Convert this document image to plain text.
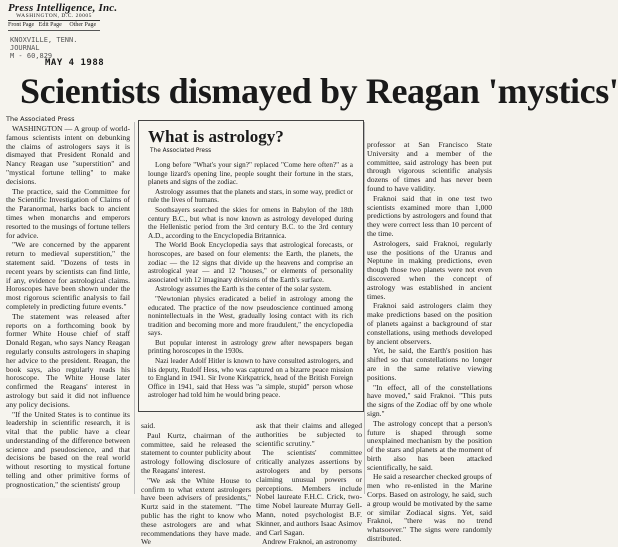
Press Intelligence, Inc.
WASHINGTON, D.C. 20005
Front Page Edit Page	Other Page
KNOXVILLE, TENN.
JOURNAL
M - 60,829
MAY 4 1988
Scientists dismayed by Reagan 'mystics'
The Associated Press

WASHINGTON — A group of world-famous scientists intent on debunking the claims of astrologers says it is dismayed that President Ronald and Nancy Reagan use "superstition" and "mystical fortune telling" to make decisions.

The practice, said the Committee for the Scientific Investigation of Claims of the Paranormal, harks back to ancient times when monarchs and emperors resorted to the musings of fortune tellers for advice.

"We are concerned by the apparent return to medieval superstition," the statement said. "Dozens of tests in recent years by scientists can find little, if any, evidence for astrological claims. Horoscopes have been shown under the most rigorous scientific analysis to fail completely in predicting future events."

The statement was released after reports on a forthcoming book by former White House chief of staff Donald Regan, who says Nancy Reagan regularly consults astrologers in shaping her advice to the president. Reagan, the book says, also regularly reads his horoscope. The White House later confirmed the Reagans' interest in astrology but said it did not influence any policy decisions.

"If the United States is to continue its leadership in scientific research, it is vital that the public have a clear understanding of the difference between science and pseudoscience, and that decisions be based on the real world without resorting to mystical fortune telling and other primitive forms of prognostication," the scientists' group

What is astrology?
The Associated Press

Long before "What's your sign?" replaced "Come here often?" as a lounge lizard's opening line, people sought their fortune in the stars, planets and signs of the zodiac.

Astrology assumes that the planets and stars, in some way, predict or rule the lives of humans.

Soothsayers searched the skies for omens in Babylon of the 18th century B.C., but what is now known as astrology developed during the Hellenistic period from the 3rd century B.C. to the 3rd century A.D., according to the Encyclopedia Britannica.

The World Book Encyclopedia says that astrological forecasts, or horoscopes, are based on four elements: the Earth, the planets, the zodiac — the 12 signs that divide up the heavens and comprise an astrological year — and 12 "houses," or elements of personality associated with 12 imaginary divisions of the Earth's surface.

Astrology assumes the Earth is the center of the solar system.

"Newtonian physics eradicated a belief in astrology among the educated. The practice of the now pseudoscience continued among nonintellectuals in the West, gradually losing contact with its rich tradition and becoming more and more fraudulent," the encyclopedia says.

But popular interest in astrology grew after newspapers began printing horoscopes in the 1930s.

Nazi leader Adolf Hitler is known to have consulted astrologers, and his deputy, Rudolf Hess, who was captured on a bizarre peace mission to England in 1941. Sir Ivone Kirkpatrick, head of the British Foreign Office in 1941, said that Hess was "a simple, stupid" person whose astrologer had told him he would bring peace.

said.

Paul Kurtz, chairman of the committee, said he released the statement to counter publicity about astrology following disclosure of the Reagans' interest.

"We ask the White House to confirm to what extent astrologers have been advisers of presidents," Kurtz said in the statement. "The public has the right to know who these astrologers are and what recommendations they have made. We

ask that their claims and alleged authorities be subjected to scientific scrutiny."

The scientists' committee critically analyzes assertions by astrologers and by persons claiming unusual powers or perceptions. Members include Nobel laureate F.H.C. Crick, two-time Nobel laureate Murray Gell-Mann, noted psychologist B.F. Skinner, and authors Isaac Asimov and Carl Sagan.

Andrew Fraknoi, an astronomy

professor at San Francisco State University and a member of the committee, said astrology has been put through vigorous scientific analysis dozens of times and has never been found to have validity.

Fraknoi said that in one test two scientists examined more than 1,000 predictions by astrologers and found that they were correct less than 10 percent of the time.

Astrologers, said Fraknoi, regularly use the positions of the Uranus and Neptune in making predictions, even though those two planets were not even discovered when the concept of astrology was established in ancient times.

Fraknoi said astrologers claim they make predictions based on the position of planets against a background of star constellations, using methods developed by ancient observers.

Yet, he said, the Earth's position has shifted so that constellations no longer are in the same relative viewing positions.

"In effect, all of the constellations have moved," said Fraknoi. "This puts the signs of the Zodiac off by one whole sign."

The astrology concept that a person's future is shaped through some unexplained mechanism by the position of the stars and planets at the moment of birth also has been attacked scientifically, he said.

He said a researcher checked groups of men who re-enlisted in the Marine Corps. Based on astrology, he said, such a group would be motivated by the same or similar Zodiacal signs. Yet, said Fraknoi, "there was no trend whatsoever." The signs were randomly distributed.
